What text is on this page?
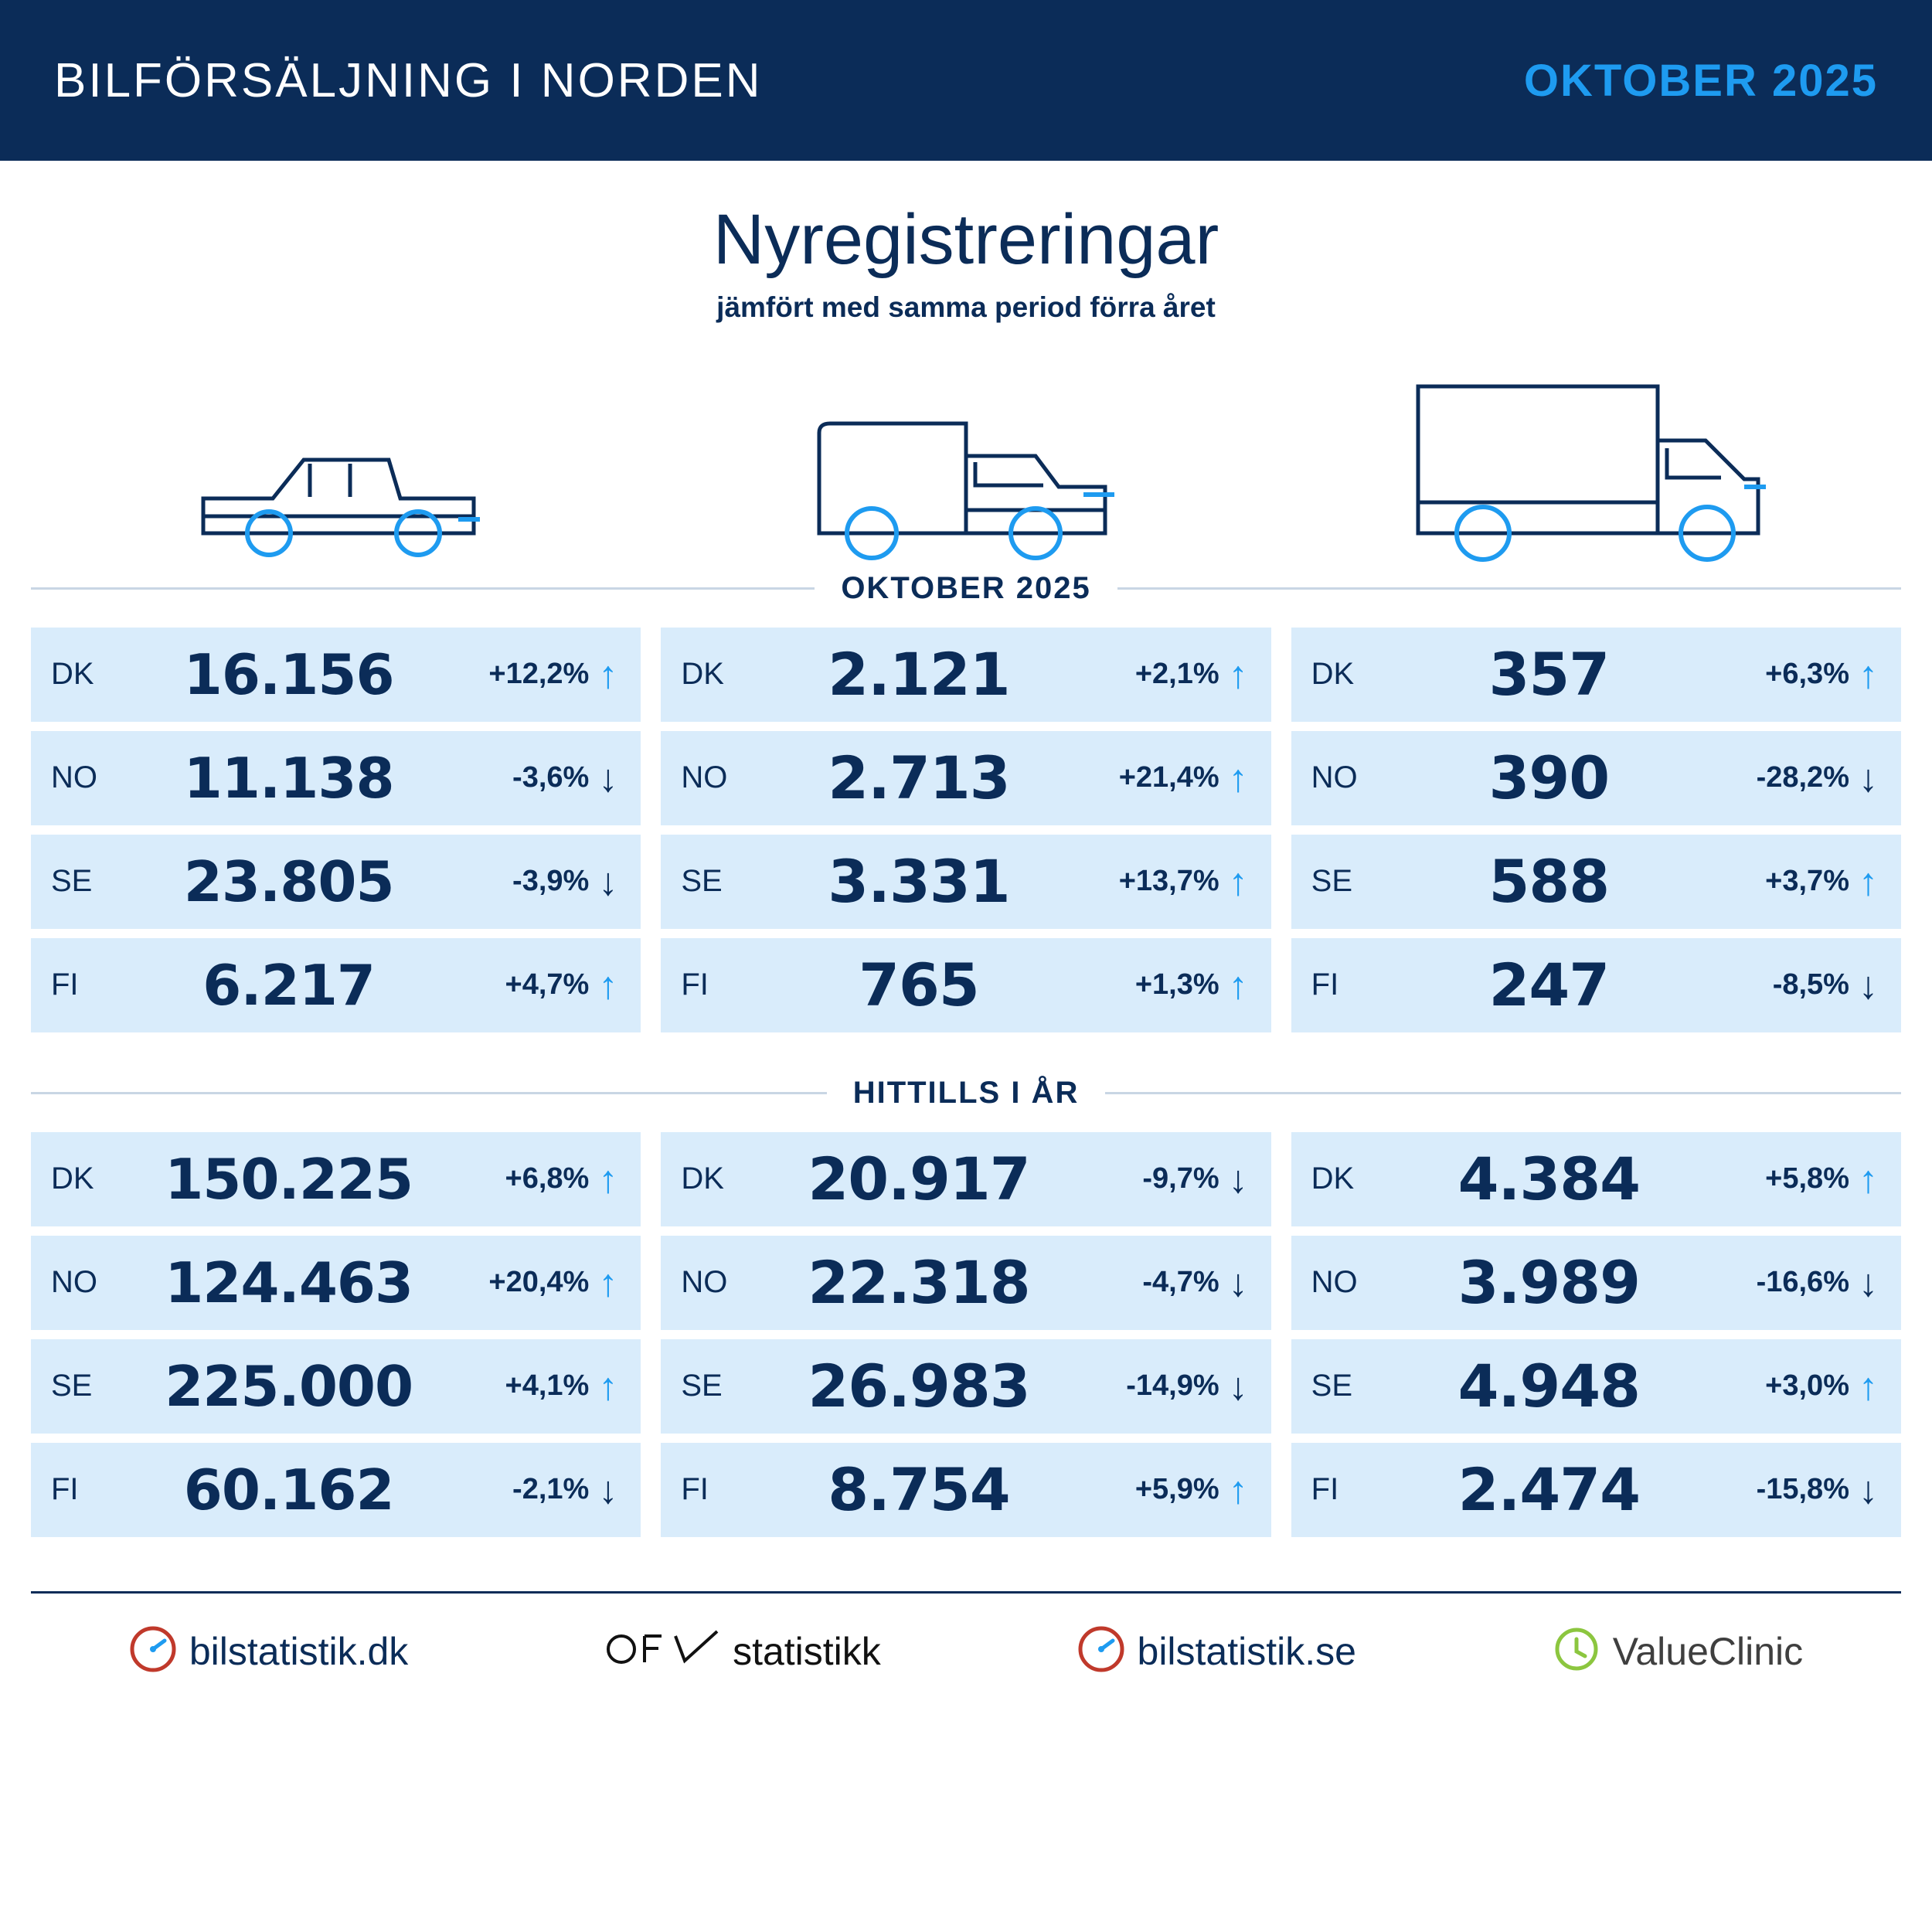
BILFÖRSÄLJNING I NORDEN	OKTOBER 2025
Nyregistreringar
jämfört med samma period förra året
OKTOBER 2025
DK	16.156	+12,2% ↑
NO	11.138	-3,6% ↓
SE	23.805	-3,9% ↓
FI	6.217	+4,7% ↑
DK	2.121	+2,1% ↑
NO	2.713	+21,4% ↑
SE	3.331	+13,7% ↑
FI	765	+1,3% ↑
DK	357	+6,3% ↑
NO	390	-28,2% ↓
SE	588	+3,7% ↑
FI	247	-8,5% ↓
HITTILLS I ÅR
DK	150.225	+6,8% ↑
NO	124.463	+20,4% ↑
SE	225.000	+4,1% ↑
FI	60.162	-2,1% ↓
DK	20.917	-9,7% ↓
NO	22.318	-4,7% ↓
SE	26.983	-14,9% ↓
FI	8.754	+5,9% ↑
DK	4.384	+5,8% ↑
NO	3.989	-16,6% ↓
SE	4.948	+3,0% ↑
FI	2.474	-15,8% ↓
bilstatistik.dk	statistikk	bilstatistik.se	ValueClinic
